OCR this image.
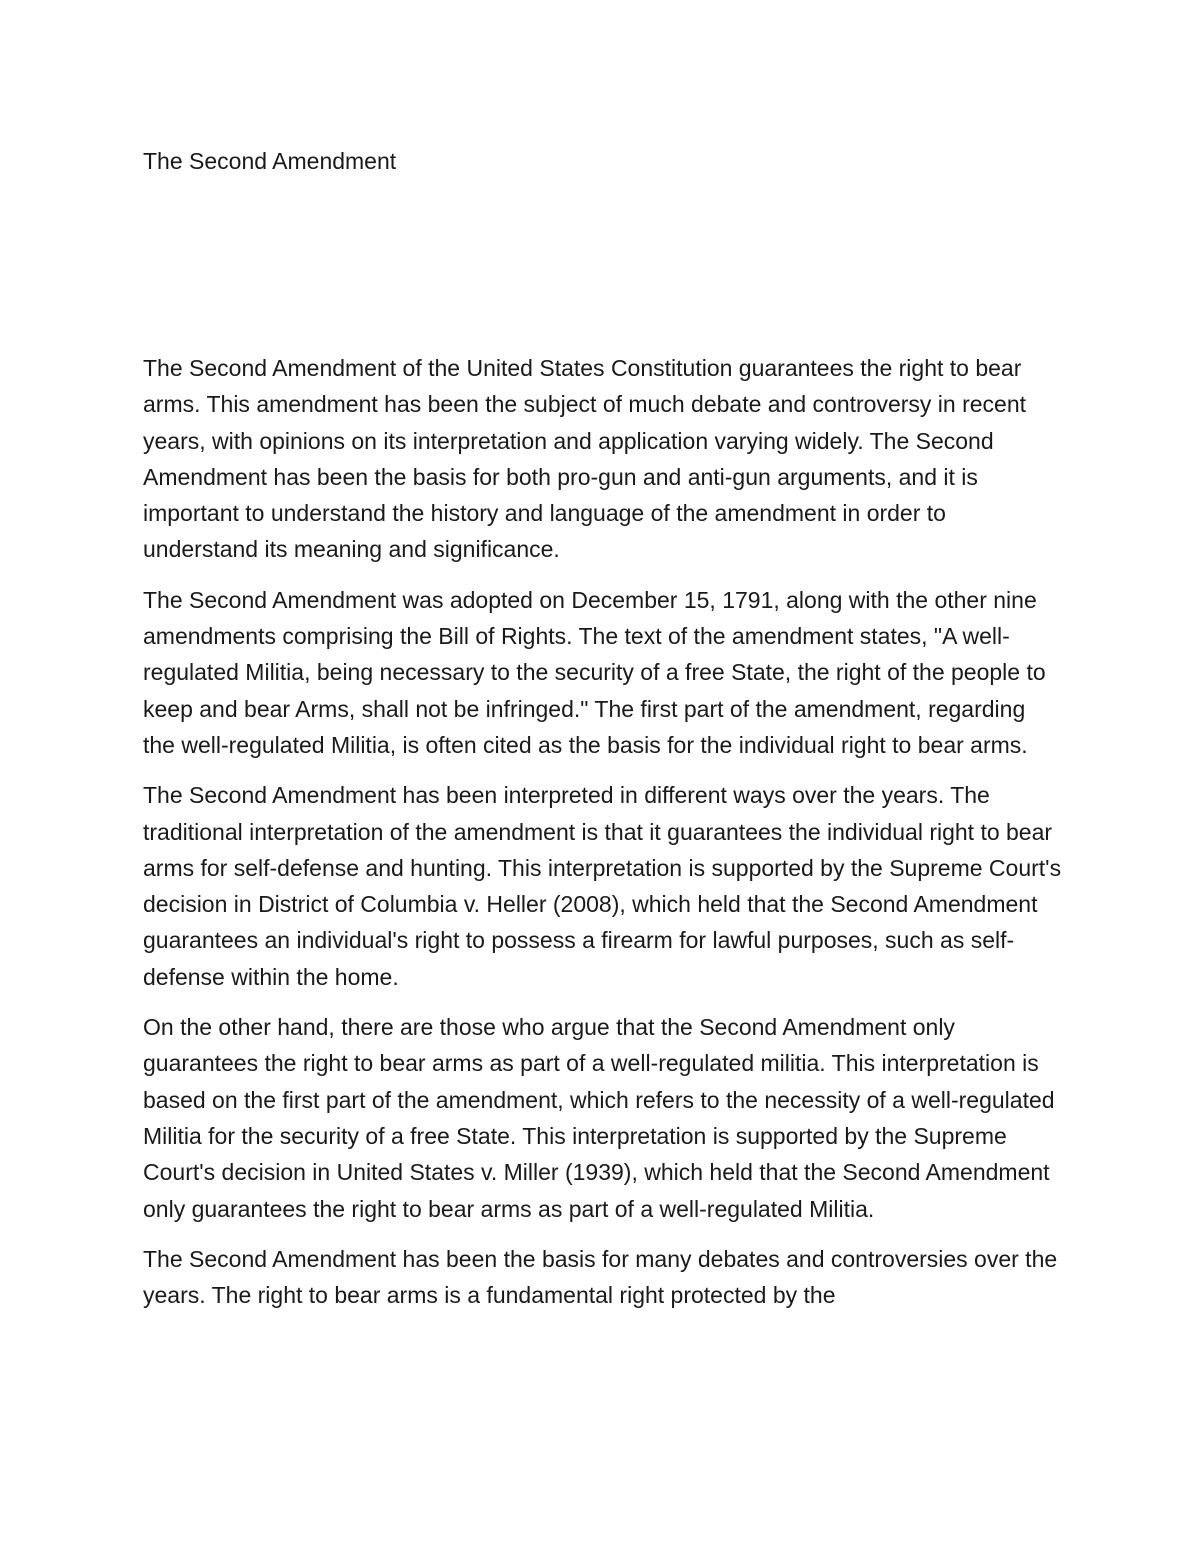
The Second Amendment

The Second Amendment of the United States Constitution guarantees the right to bear arms. This amendment has been the subject of much debate and controversy in recent years, with opinions on its interpretation and application varying widely. The Second Amendment has been the basis for both pro-gun and anti-gun arguments, and it is important to understand the history and language of the amendment in order to understand its meaning and significance.

The Second Amendment was adopted on December 15, 1791, along with the other nine amendments comprising the Bill of Rights. The text of the amendment states, "A well-regulated Militia, being necessary to the security of a free State, the right of the people to keep and bear Arms, shall not be infringed." The first part of the amendment, regarding the well-regulated Militia, is often cited as the basis for the individual right to bear arms.

The Second Amendment has been interpreted in different ways over the years. The traditional interpretation of the amendment is that it guarantees the individual right to bear arms for self-defense and hunting. This interpretation is supported by the Supreme Court's decision in District of Columbia v. Heller (2008), which held that the Second Amendment guarantees an individual's right to possess a firearm for lawful purposes, such as self-defense within the home.

On the other hand, there are those who argue that the Second Amendment only guarantees the right to bear arms as part of a well-regulated militia. This interpretation is based on the first part of the amendment, which refers to the necessity of a well-regulated Militia for the security of a free State. This interpretation is supported by the Supreme Court's decision in United States v. Miller (1939), which held that the Second Amendment only guarantees the right to bear arms as part of a well-regulated Militia.

The Second Amendment has been the basis for many debates and controversies over the years. The right to bear arms is a fundamental right protected by the
